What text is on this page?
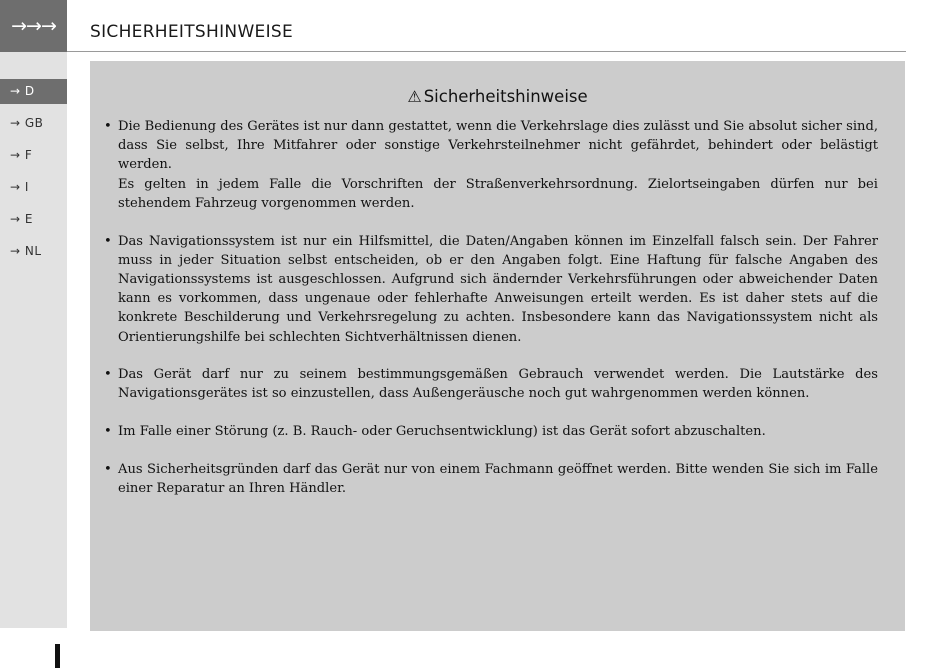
→→→	SICHERHEITSHINWEISE
→ D
→ GB
→ F
→ I
→ E
→ NL
⚠ Sicherheitshinweise
• Die Bedienung des Gerätes ist nur dann gestattet, wenn die Verkehrslage dies zulässt und Sie absolut sicher sind, dass Sie selbst, Ihre Mitfahrer oder sonstige Verkehrsteilnehmer nicht gefährdet, behindert oder belästigt werden.

Es gelten in jedem Falle die Vorschriften der Straßenverkehrsordnung. Zielortseingaben dürfen nur bei stehendem Fahrzeug vorgenommen werden.

• Das Navigationssystem ist nur ein Hilfsmittel, die Daten/Angaben können im Einzelfall falsch sein. Der Fahrer muss in jeder Situation selbst entscheiden, ob er den Angaben folgt. Eine Haftung für falsche Angaben des Navigationssystems ist ausgeschlossen. Aufgrund sich ändernder Verkehrsführungen oder abweichender Daten kann es vorkommen, dass ungenaue oder fehlerhafte Anweisungen erteilt werden. Es ist daher stets auf die konkrete Beschilderung und Verkehrsregelung zu achten. Insbesondere kann das Navigationssystem nicht als Orientierungshilfe bei schlechten Sichtverhältnissen dienen.

• Das Gerät darf nur zu seinem bestimmungsgemäßen Gebrauch verwendet werden. Die Lautstärke des Navigationsgerätes ist so einzustellen, dass Außengeräusche noch gut wahrgenommen werden können.

• Im Falle einer Störung (z. B. Rauch- oder Geruchsentwicklung) ist das Gerät sofort abzuschalten.

• Aus Sicherheitsgründen darf das Gerät nur von einem Fachmann geöffnet werden. Bitte wenden Sie sich im Falle einer Reparatur an Ihren Händler.
